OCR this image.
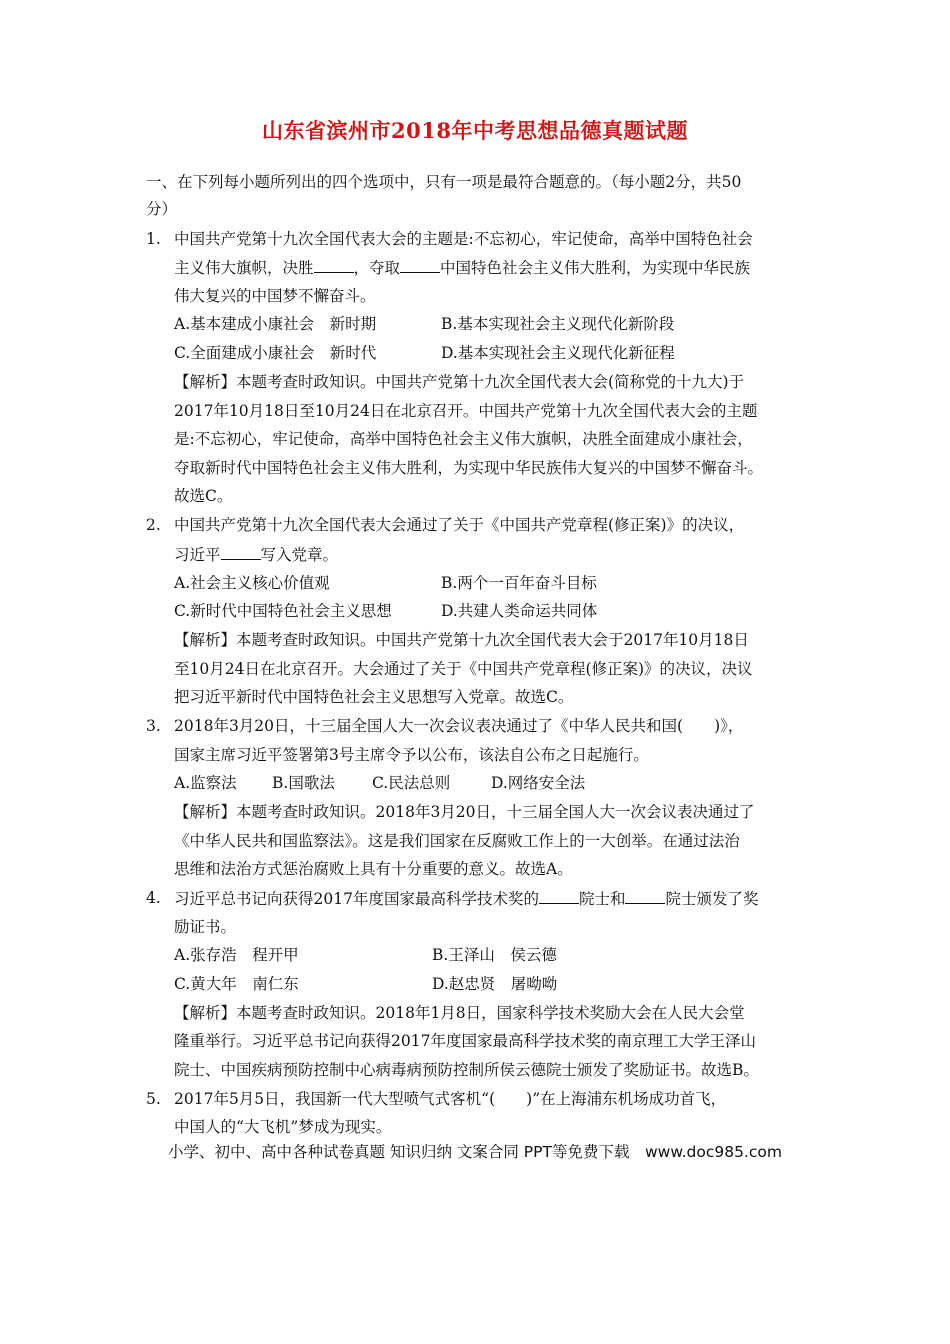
山东省滨州市2018年中考思想品德真题试题
一、在下列每小题所列出的四个选项中，只有一项是最符合题意的。（每小题2分，共50
分）
1. 中国共产党第十九次全国代表大会的主题是:不忘初心，牢记使命，高举中国特色社会
主义伟大旗帜，决胜	，夺取	中国特色社会主义伟大胜利，为实现中华民族
伟大复兴的中国梦不懈奋斗。
A.基本建成小康社会　新时期	B.基本实现社会主义现代化新阶段
C.全面建成小康社会　新时代	D.基本实现社会主义现代化新征程
【解析】本题考查时政知识。中国共产党第十九次全国代表大会(简称党的十九大)于
2017年10月18日至10月24日在北京召开。中国共产党第十九次全国代表大会的主题
是:不忘初心，牢记使命，高举中国特色社会主义伟大旗帜，决胜全面建成小康社会，
夺取新时代中国特色社会主义伟大胜利，为实现中华民族伟大复兴的中国梦不懈奋斗。
故选C。
2. 中国共产党第十九次全国代表大会通过了关于《中国共产党章程(修正案)》的决议，
习近平	写入党章。
A.社会主义核心价值观	B.两个一百年奋斗目标
C.新时代中国特色社会主义思想	D.共建人类命运共同体
【解析】本题考查时政知识。中国共产党第十九次全国代表大会于2017年10月18日
至10月24日在北京召开。大会通过了关于《中国共产党章程(修正案)》的决议，决议
把习近平新时代中国特色社会主义思想写入党章。故选C。
3. 2018年3月20日，十三届全国人大一次会议表决通过了《中华人民共和国(　　)》，
国家主席习近平签署第3号主席令予以公布，该法自公布之日起施行。
A.监察法 B.国歌法 C.民法总则	D.网络安全法
【解析】本题考查时政知识。2018年3月20日，十三届全国人大一次会议表决通过了
《中华人民共和国监察法》。这是我们国家在反腐败工作上的一大创举。在通过法治
思维和法治方式惩治腐败上具有十分重要的意义。故选A。
4. 习近平总书记向获得2017年度国家最高科学技术奖的	院士和	院士颁发了奖
励证书。
A.张存浩　程开甲	B.王泽山　侯云德
C.黄大年　南仁东	D.赵忠贤　屠呦呦
【解析】本题考查时政知识。2018年1月8日，国家科学技术奖励大会在人民大会堂
隆重举行。习近平总书记向获得2017年度国家最高科学技术奖的南京理工大学王泽山
院士、中国疾病预防控制中心病毒病预防控制所侯云德院士颁发了奖励证书。故选B。
5. 2017年5月5日，我国新一代大型喷气式客机“(　　)”在上海浦东机场成功首飞，
中国人的“大飞机”梦成为现实。
小学、初中、高中各种试卷真题 知识归纳 文案合同 PPT等免费下载　www.doc985.com
